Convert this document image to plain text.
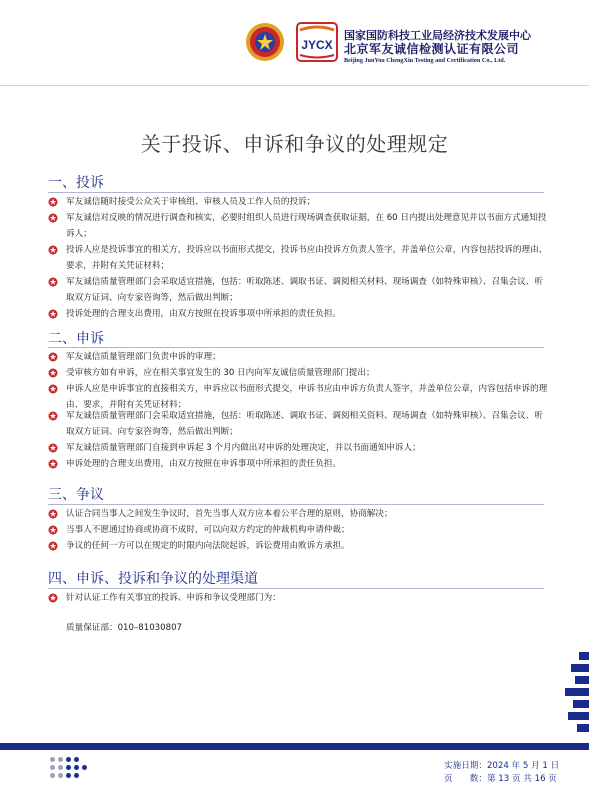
JYCX
国家国防科技工业局经济技术发展中心
北京军友诚信检测认证有限公司
Beijing JunYou ChengXin Testing and Certification Co., Ltd.
关于投诉、申诉和争议的处理规定
一、投诉
军友诚信随时接受公众关于审核组、审核人员及工作人员的投诉；
军友诚信对反映的情况进行调查和核实，必要时组织人员进行现场调查获取证据，在 60 日内提出处理意见并以书面方式通知投诉人；
投诉人应是投诉事宜的相关方，投诉应以书面形式提交，投诉书应由投诉方负责人签字，并盖单位公章，内容包括投诉的理由、要求，并附有关凭证材料；
军友诚信质量管理部门会采取适宜措施，包括：听取陈述、调取书证、调阅相关材料、现场调查（如特殊审核）、召集会议、听取双方证词、向专家咨询等，然后做出判断；
投诉处理的合理支出费用，由双方按照在投诉事项中所承担的责任负担。
二、申诉
军友诚信质量管理部门负责申诉的审理；
受审核方如有申诉，应在相关事宜发生的 30 日内向军友诚信质量管理部门提出；
申诉人应是申诉事宜的直接相关方，申诉应以书面形式提交，申诉书应由申诉方负责人签字，并盖单位公章，内容包括申诉的理由、要求，并附有关凭证材料；
军友诚信质量管理部门会采取适宜措施，包括：听取陈述、调取书证、调阅相关资料、现场调查（如特殊审核）、召集会议、听取双方证词、向专家咨询等，然后做出判断；
军友诚信质量管理部门自接到申诉起 3 个月内做出对申诉的处理决定，并以书面通知申诉人；
申诉处理的合理支出费用，由双方按照在申诉事项中所承担的责任负担。
三、争议
认证合同当事人之间发生争议时，首先当事人双方应本着公平合理的原则，协商解决；
当事人不愿通过协商或协商不成时，可以向双方约定的仲裁机构申请仲裁；
争议的任何一方可以在规定的时限内向法院起诉，诉讼费用由败诉方承担。
四、申诉、投诉和争议的处理渠道
针对认证工作有关事宜的投诉、申诉和争议受理部门为：
质量保证部：010–81030807
实施日期：2024 年 5 月 1 日
页　　数：第 13 页 共 16 页
